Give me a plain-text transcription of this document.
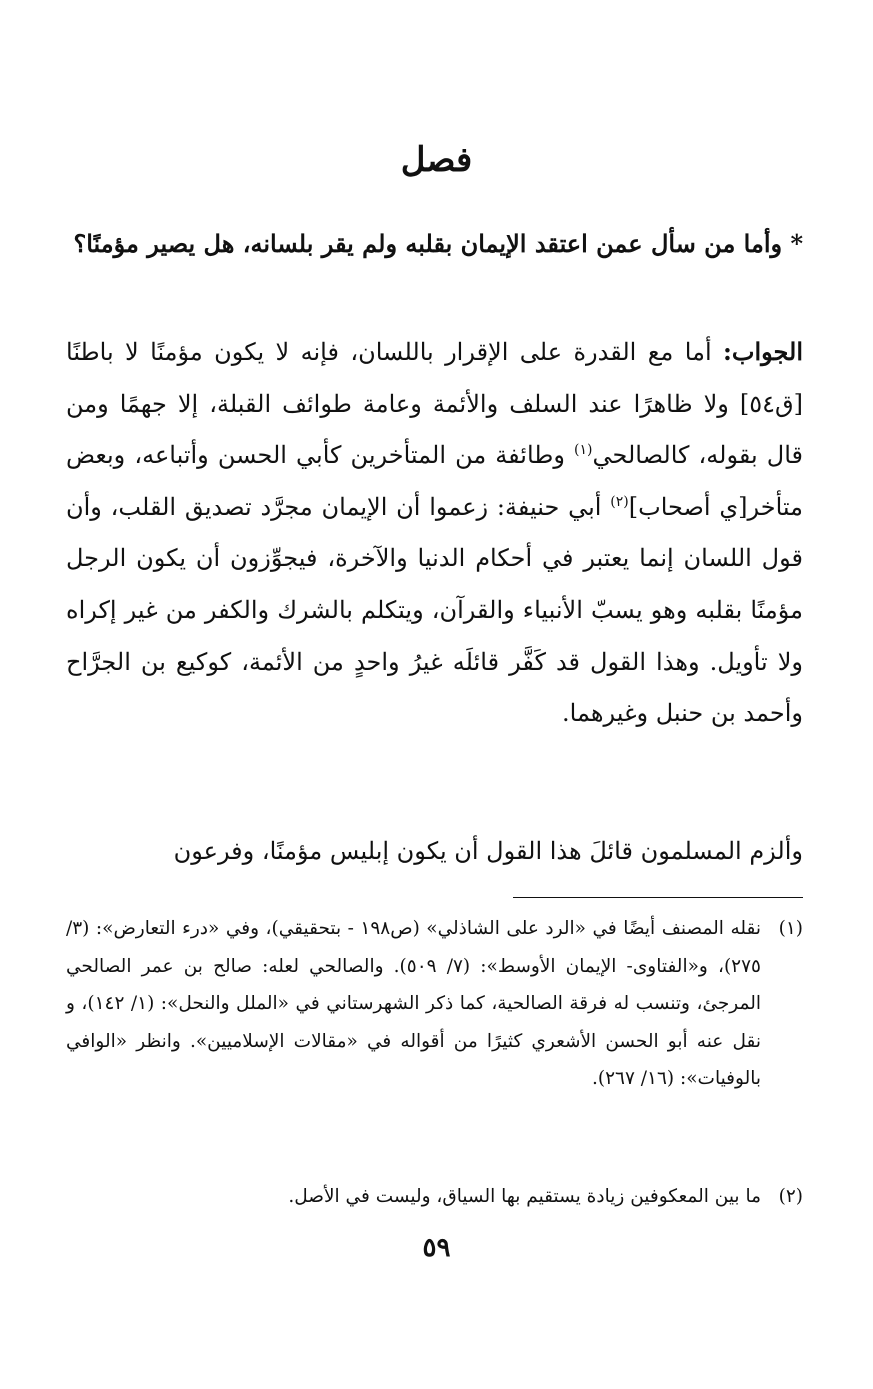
فصل
* وأما من سأل عمن اعتقد الإيمان بقلبه ولم يقر بلسانه، هل يصير مؤمنًا؟
الجواب: أما مع القدرة على الإقرار باللسان، فإنه لا يكون مؤمنًا لا باطنًا [ق٥٤] ولا ظاهرًا عند السلف والأئمة وعامة طوائف القبلة، إلا جهمًا ومن قال بقوله، كالصالحي$^{(١)}$ وطائفة من المتأخرين كأبي الحسن وأتباعه، وبعض متأخر[ي أصحاب]$^{(٢)}$ أبي حنيفة: زعموا أن الإيمان مجرَّد تصديق القلب، وأن قول اللسان إنما يعتبر في أحكام الدنيا والآخرة، فيجوِّزون أن يكون الرجل مؤمنًا بقلبه وهو يسبّ الأنبياء والقرآن، ويتكلم بالشرك والكفر من غير إكراه ولا تأويل. وهذا القول قد كَفَّر قائلَه غيرُ واحدٍ من الأئمة، كوكيع بن الجرَّاح وأحمد بن حنبل وغيرهما.
وألزم المسلمون قائلَ هذا القول أن يكون إبليس مؤمنًا، وفرعون
(١)
نقله المصنف أيضًا في «الرد على الشاذلي» (ص١٩٨ - بتحقيقي)، وفي «درء التعارض»: (٣/ ٢٧٥)، و«الفتاوى- الإيمان الأوسط»: (٧/ ٥٠٩). والصالحي لعله: صالح بن عمر الصالحي المرجئ، وتنسب له فرقة الصالحية، كما ذكر الشهرستاني في «الملل والنحل»: (١/ ١٤٢)، و نقل عنه أبو الحسن الأشعري كثيرًا من أقواله في «مقالات الإسلاميين». وانظر «الوافي بالوفيات»: (١٦/ ٢٦٧).
(٢)
ما بين المعكوفين زيادة يستقيم بها السياق، وليست في الأصل.
٥٩
